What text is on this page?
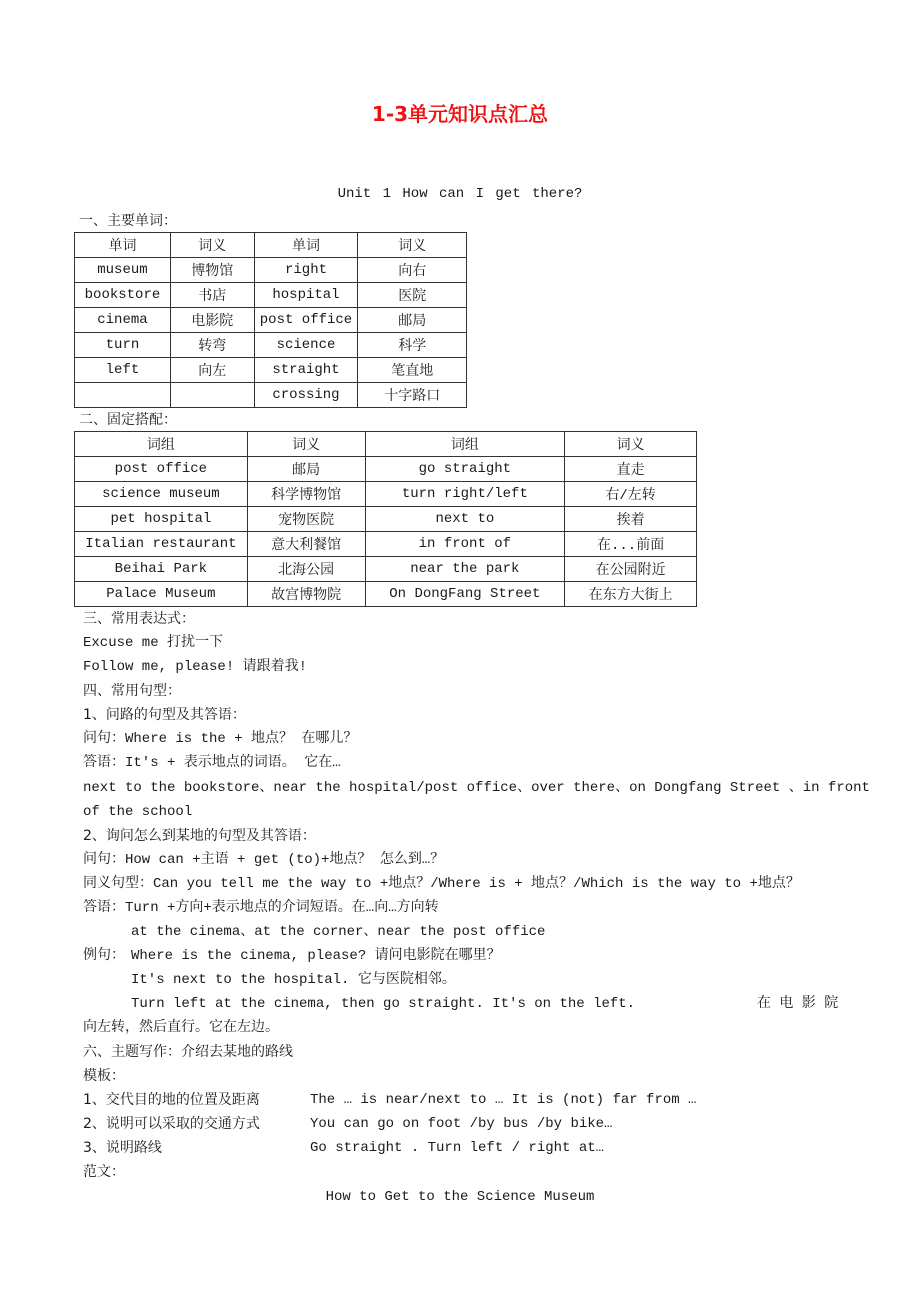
1-3单元知识点汇总
Unit 1 How can I get there?
一、主要单词：
单词	词义	单词	词义
museum	博物馆	right	向右
bookstore	书店	hospital	医院
cinema	电影院	post office	邮局
turn	转弯	science	科学
left	向左	straight	笔直地
		crossing	十字路口
二、固定搭配：
词组	词义	词组	词义
post office	邮局	go straight	直走
science museum	科学博物馆	turn right/left	右/左转
pet hospital	宠物医院	next to	挨着
Italian restaurant	意大利餐馆	in front of	在...前面
Beihai Park	北海公园	near the park	在公园附近
Palace Museum	故宫博物院	On DongFang Street	在东方大街上
三、常用表达式：
Excuse me 打扰一下
Follow me, please! 请跟着我!
四、常用句型：
1、问路的句型及其答语：
问句：Where is the + 地点？ 在哪儿？
答语：It's + 表示地点的词语。 它在…
next to the bookstore、near the hospital/post office、over there、on Dongfang Street 、in front
of the school
2、询问怎么到某地的句型及其答语：
问句：How can +主语 + get (to)+地点？ 怎么到…？
同义句型：Can you tell me the way to +地点？/Where is + 地点？/Which is the way to +地点？
答语：Turn +方向+表示地点的介词短语。在…向…方向转
at the cinema、at the corner、near the post office
例句： Where is the cinema, please? 请问电影院在哪里？
It's next to the hospital. 它与医院相邻。
Turn left at the cinema, then go straight. It's on the left.	在 电 影 院
向左转，然后直行。它在左边。
六、主题写作：介绍去某地的路线
模板：
1、交代目的地的位置及距离	The … is near/next to … It is (not) far from …
2、说明可以采取的交通方式	You can go on foot /by bus /by bike…
3、说明路线	Go straight . Turn left / right at…
范文：
How to Get to the Science Museum
